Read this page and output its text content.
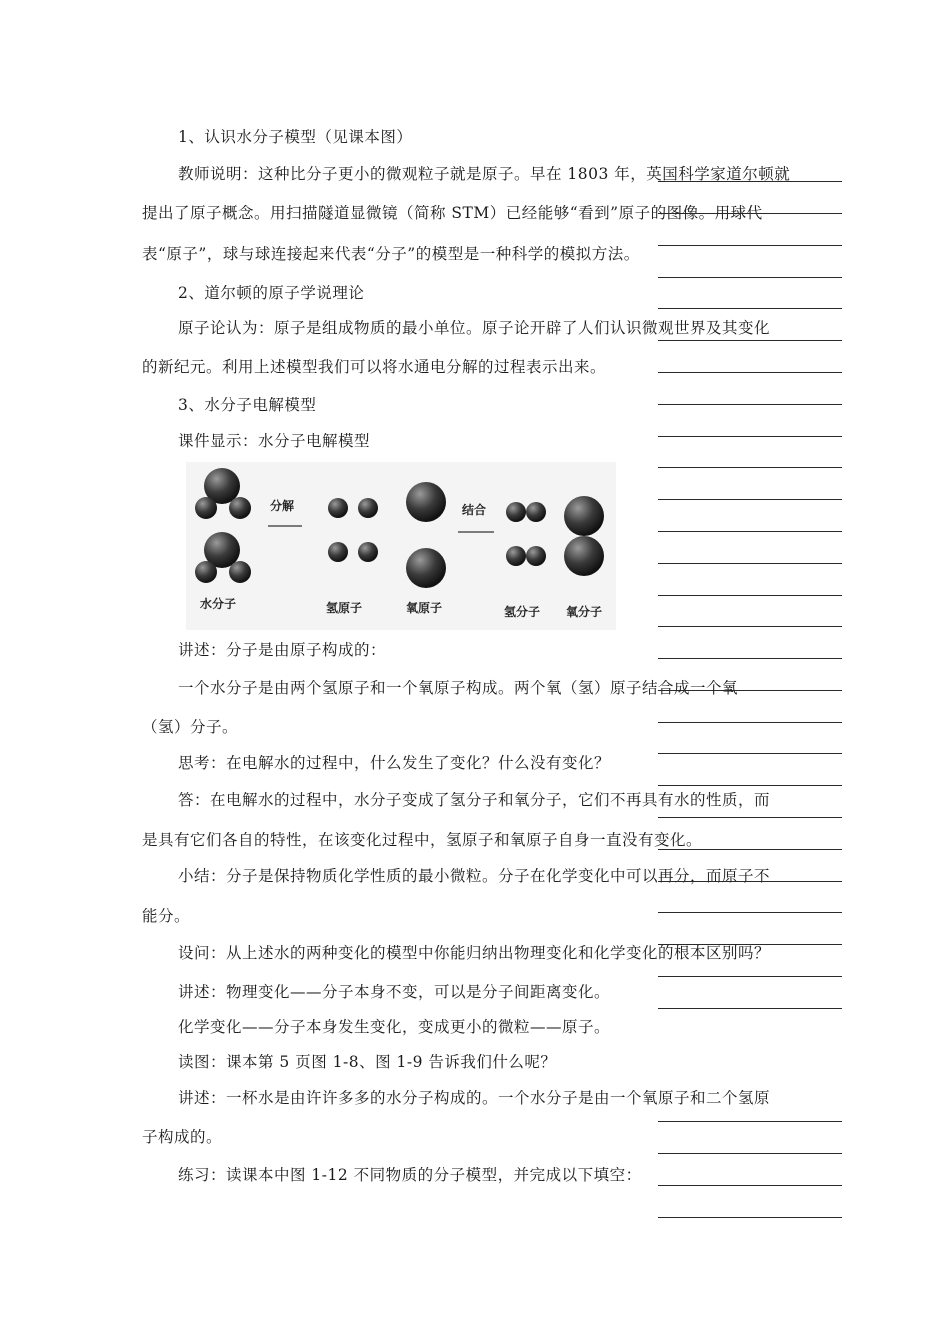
1、认识水分子模型（见课本图）
教师说明：这种比分子更小的微观粒子就是原子。早在 1803 年，英国科学家道尔顿就
提出了原子概念。用扫描隧道显微镜（简称 STM）已经能够“看到”原子的图像。用球代
表“原子”，球与球连接起来代表“分子”的模型是一种科学的模拟方法。
2、道尔顿的原子学说理论
原子论认为：原子是组成物质的最小单位。原子论开辟了人们认识微观世界及其变化
的新纪元。利用上述模型我们可以将水通电分解的过程表示出来。
3、水分子电解模型
课件显示：水分子电解模型
分解	结合
水分子	氢原子	氧原子	氢分子 氧分子
讲述：分子是由原子构成的：
一个水分子是由两个氢原子和一个氧原子构成。两个氧（氢）原子结合成一个氧
（氢）分子。
思考：在电解水的过程中，什么发生了变化？什么没有变化？
答：在电解水的过程中，水分子变成了氢分子和氧分子，它们不再具有水的性质，而
是具有它们各自的特性，在该变化过程中，氢原子和氧原子自身一直没有变化。
小结：分子是保持物质化学性质的最小微粒。分子在化学变化中可以再分，而原子不
能分。
设问：从上述水的两种变化的模型中你能归纳出物理变化和化学变化的根本区别吗？
讲述：物理变化——分子本身不变，可以是分子间距离变化。
化学变化——分子本身发生变化，变成更小的微粒——原子。
读图：课本第 5 页图 1-8、图 1-9 告诉我们什么呢？
讲述：一杯水是由许许多多的水分子构成的。一个水分子是由一个氧原子和二个氢原
子构成的。
练习：读课本中图 1-12 不同物质的分子模型，并完成以下填空：
